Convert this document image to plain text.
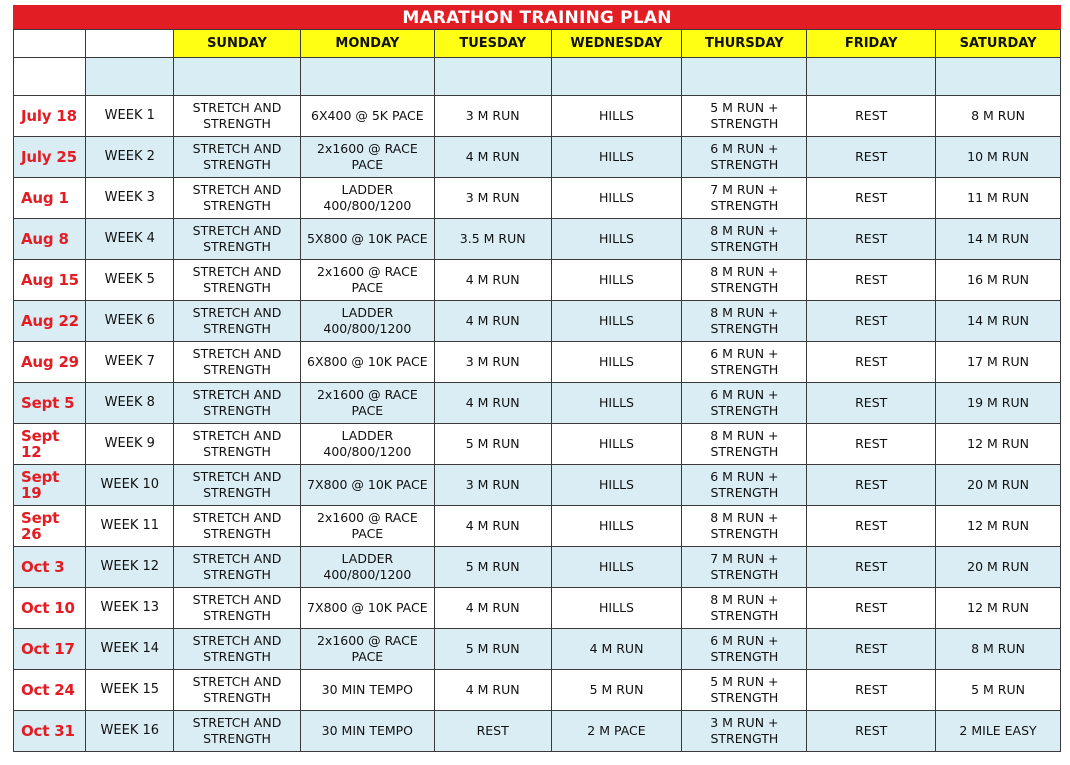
MARATHON TRAINING PLAN
		SUNDAY	MONDAY	TUESDAY	WEDNESDAY	THURSDAY	FRIDAY	SATURDAY

July 18	WEEK 1	STRETCH AND STRENGTH	6X400 @ 5K PACE	3 M RUN	HILLS	5 M RUN + STRENGTH	REST	8 M RUN
July 25	WEEK 2	STRETCH AND STRENGTH	2x1600 @ RACE PACE	4 M RUN	HILLS	6 M RUN + STRENGTH	REST	10 M RUN
Aug 1	WEEK 3	STRETCH AND STRENGTH	LADDER 400/800/1200	3 M RUN	HILLS	7 M RUN + STRENGTH	REST	11 M RUN
Aug 8	WEEK 4	STRETCH AND STRENGTH	5X800 @ 10K PACE	3.5 M RUN	HILLS	8 M RUN + STRENGTH	REST	14 M RUN
Aug 15	WEEK 5	STRETCH AND STRENGTH	2x1600 @ RACE PACE	4 M RUN	HILLS	8 M RUN + STRENGTH	REST	16 M RUN
Aug 22	WEEK 6	STRETCH AND STRENGTH	LADDER 400/800/1200	4 M RUN	HILLS	8 M RUN + STRENGTH	REST	14 M RUN
Aug 29	WEEK 7	STRETCH AND STRENGTH	6X800 @ 10K PACE	3 M RUN	HILLS	6 M RUN + STRENGTH	REST	17 M RUN
Sept 5	WEEK 8	STRETCH AND STRENGTH	2x1600 @ RACE PACE	4 M RUN	HILLS	6 M RUN + STRENGTH	REST	19 M RUN
Sept 12	WEEK 9	STRETCH AND STRENGTH	LADDER 400/800/1200	5 M RUN	HILLS	8 M RUN + STRENGTH	REST	12 M RUN
Sept 19	WEEK 10	STRETCH AND STRENGTH	7X800 @ 10K PACE	3 M RUN	HILLS	6 M RUN + STRENGTH	REST	20 M RUN
Sept 26	WEEK 11	STRETCH AND STRENGTH	2x1600 @ RACE PACE	4 M RUN	HILLS	8 M RUN + STRENGTH	REST	12 M RUN
Oct 3	WEEK 12	STRETCH AND STRENGTH	LADDER 400/800/1200	5 M RUN	HILLS	7 M RUN + STRENGTH	REST	20 M RUN
Oct 10	WEEK 13	STRETCH AND STRENGTH	7X800 @ 10K PACE	4 M RUN	HILLS	8 M RUN + STRENGTH	REST	12 M RUN
Oct 17	WEEK 14	STRETCH AND STRENGTH	2x1600 @ RACE PACE	5 M RUN	4 M RUN	6 M RUN + STRENGTH	REST	8 M RUN
Oct 24	WEEK 15	STRETCH AND STRENGTH	30 MIN TEMPO	4 M RUN	5 M RUN	5 M RUN + STRENGTH	REST	5 M RUN
Oct 31	WEEK 16	STRETCH AND STRENGTH	30 MIN TEMPO	REST	2 M PACE	3 M RUN + STRENGTH	REST	2 MILE EASY
